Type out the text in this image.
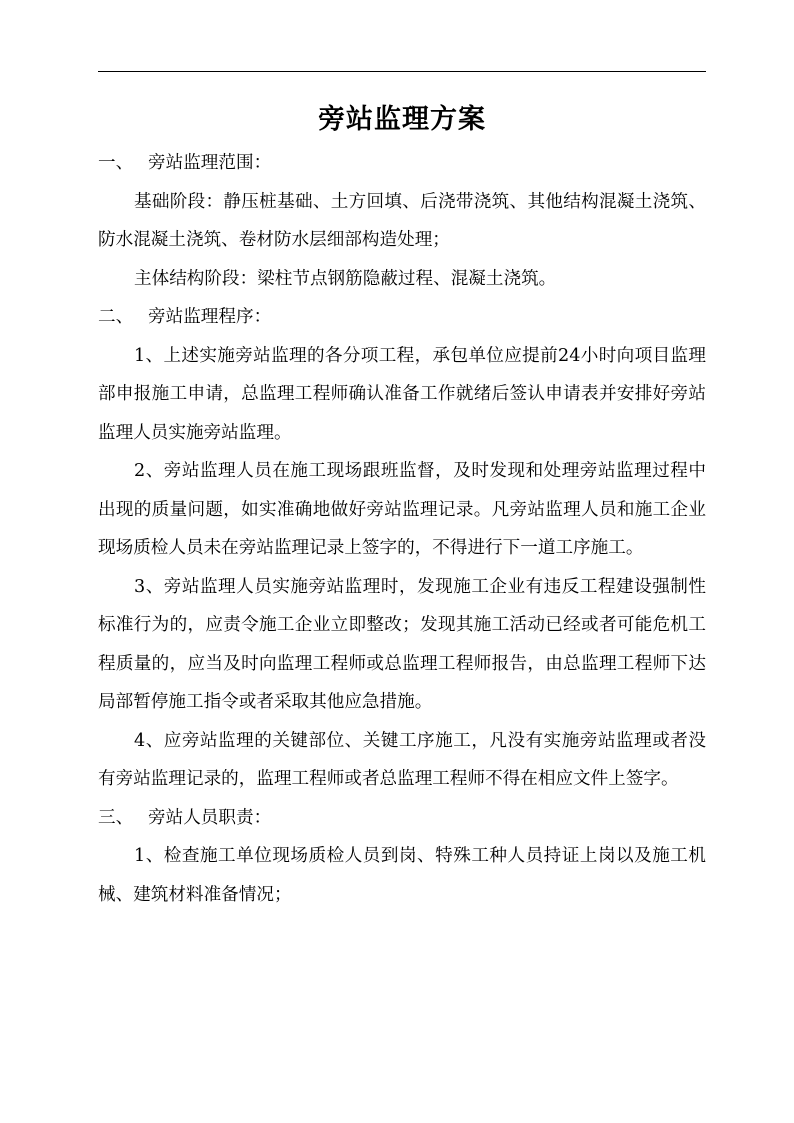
旁站监理方案

一、 旁站监理范围：

基础阶段：静压桩基础、土方回填、后浇带浇筑、其他结构混凝土浇筑、防水混凝土浇筑、卷材防水层细部构造处理；

主体结构阶段：梁柱节点钢筋隐蔽过程、混凝土浇筑。

二、 旁站监理程序：

1、上述实施旁站监理的各分项工程，承包单位应提前24小时向项目监理部申报施工申请，总监理工程师确认准备工作就绪后签认申请表并安排好旁站监理人员实施旁站监理。

2、旁站监理人员在施工现场跟班监督，及时发现和处理旁站监理过程中出现的质量问题，如实准确地做好旁站监理记录。凡旁站监理人员和施工企业现场质检人员未在旁站监理记录上签字的，不得进行下一道工序施工。

3、旁站监理人员实施旁站监理时，发现施工企业有违反工程建设强制性标准行为的，应责令施工企业立即整改；发现其施工活动已经或者可能危机工程质量的，应当及时向监理工程师或总监理工程师报告，由总监理工程师下达局部暂停施工指令或者采取其他应急措施。

4、应旁站监理的关键部位、关键工序施工，凡没有实施旁站监理或者没有旁站监理记录的，监理工程师或者总监理工程师不得在相应文件上签字。

三、 旁站人员职责：

1、检查施工单位现场质检人员到岗、特殊工种人员持证上岗以及施工机械、建筑材料准备情况；
